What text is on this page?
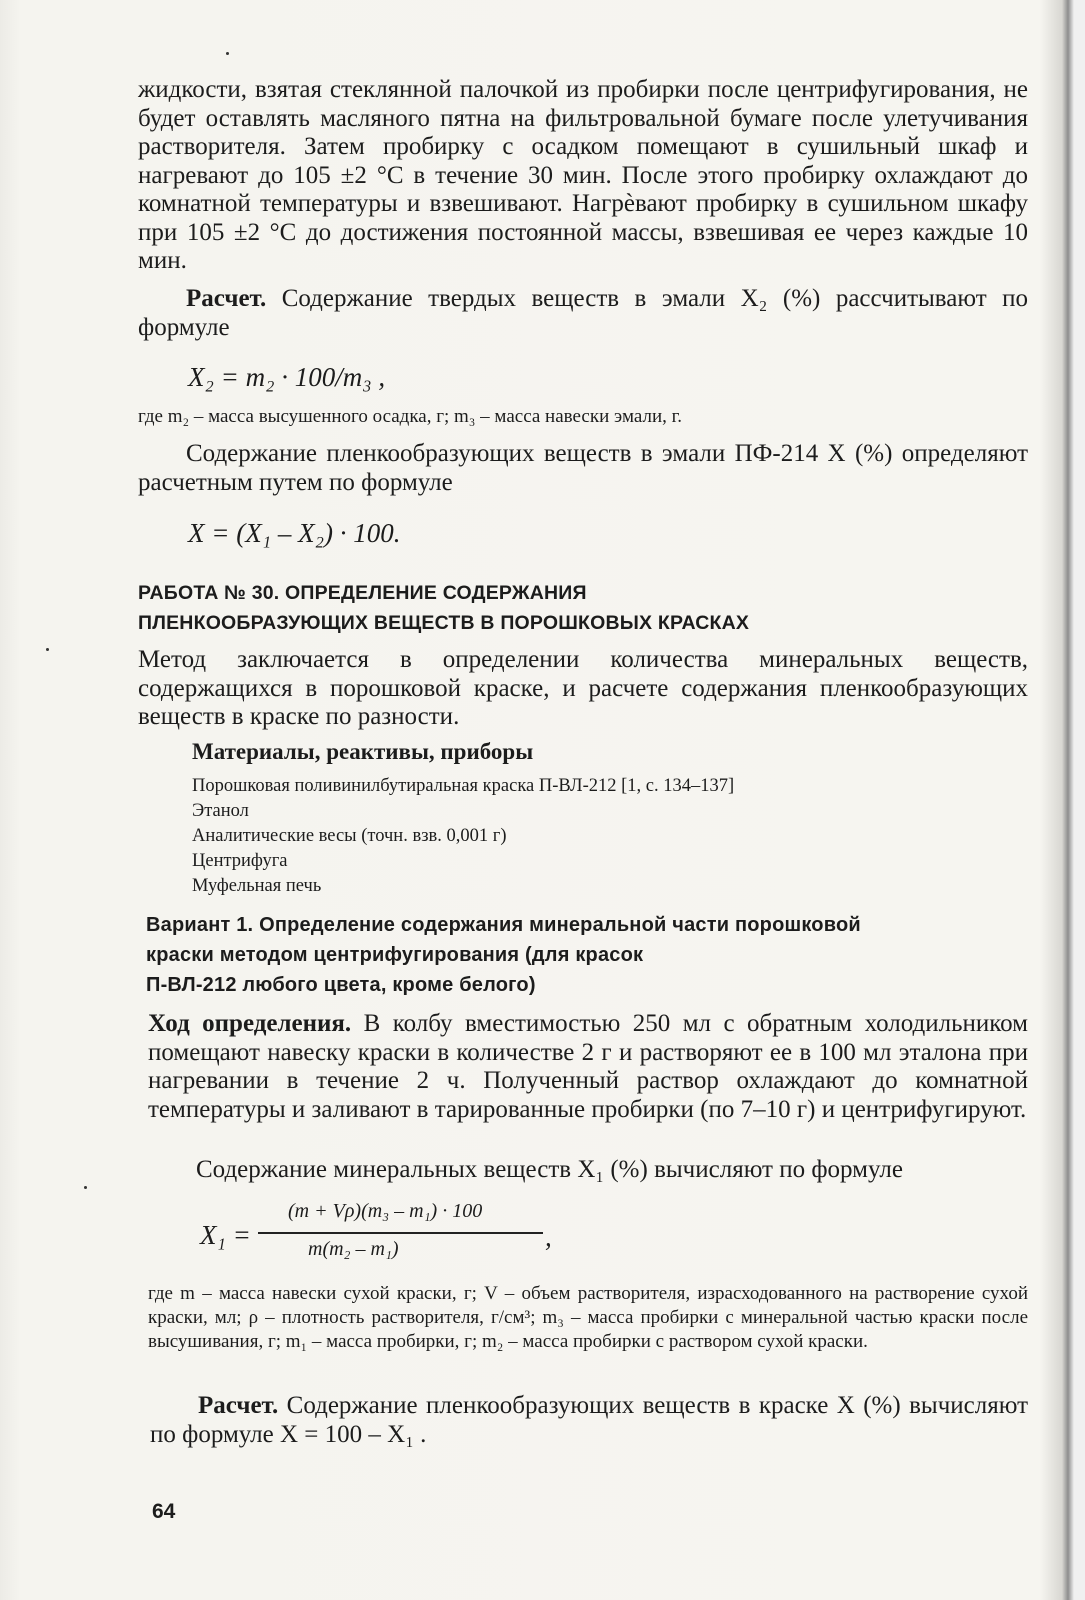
жидкости, взятая стеклянной палочкой из пробирки после центрифугирования, не будет оставлять масляного пятна на фильтровальной бумаге после улетучивания растворителя. Затем пробирку с осадком помещают в сушильный шкаф и нагревают до 105 ±2 °С в течение 30 мин. После этого пробирку охлаждают до комнатной температуры и взвешивают. Нагрèвают пробирку в сушильном шкафу при 105 ±2 °С до достижения постоянной массы, взвешивая ее через каждые 10 мин.

Расчет. Содержание твердых веществ в эмали X₂ (%) рассчитывают по формуле

X₂ = m₂ · 100/m₃ ,

где m₂ – масса высушенного осадка, г; m₃ – масса навески эмали, г.

Содержание пленкообразующих веществ в эмали ПФ-214 X (%) определяют расчетным путем по формуле

X = (X₁ – X₂) · 100.

РАБОТА № 30. ОПРЕДЕЛЕНИЕ СОДЕРЖАНИЯ

ПЛЕНКООБРАЗУЮЩИХ ВЕЩЕСТВ В ПОРОШКОВЫХ КРАСКАХ

Метод заключается в определении количества минеральных веществ, содержащихся в порошковой краске, и расчете содержания пленкообразующих веществ в краске по разности.

Материалы, реактивы, приборы

Порошковая поливинилбутиральная краска П-ВЛ-212 [1, с. 134–137]

Этанол

Аналитические весы (точн. взв. 0,001 г)

Центрифуга

Муфельная печь

Вариант 1. Определение содержания минеральной части порошковой

краски методом центрифугирования (для красок

П-ВЛ-212 любого цвета, кроме белого)

Ход определения. В колбу вместимостью 250 мл с обратным холодильником помещают навеску краски в количестве 2 г и растворяют ее в 100 мл эталона при нагревании в течение 2 ч. Полученный раствор охлаждают до комнатной температуры и заливают в тарированные пробирки (по 7–10 г) и центрифугируют.

Содержание минеральных веществ X₁ (%) вычисляют по формуле

X₁ =
(m + Vρ)(m₃ – m₁) · 100
m(m₂ – m₁)	,

где m – масса навески сухой краски, г; V – объем растворителя, израсходованного на растворение сухой краски, мл; ρ – плотность растворителя, г/см³; m₃ – масса пробирки с минеральной частью краски после высушивания, г; m₁ – масса пробирки, г; m₂ – масса пробирки с раствором сухой краски.

Расчет. Содержание пленкообразующих веществ в краске X (%) вычисляют по формуле X = 100 – X₁ .

64
